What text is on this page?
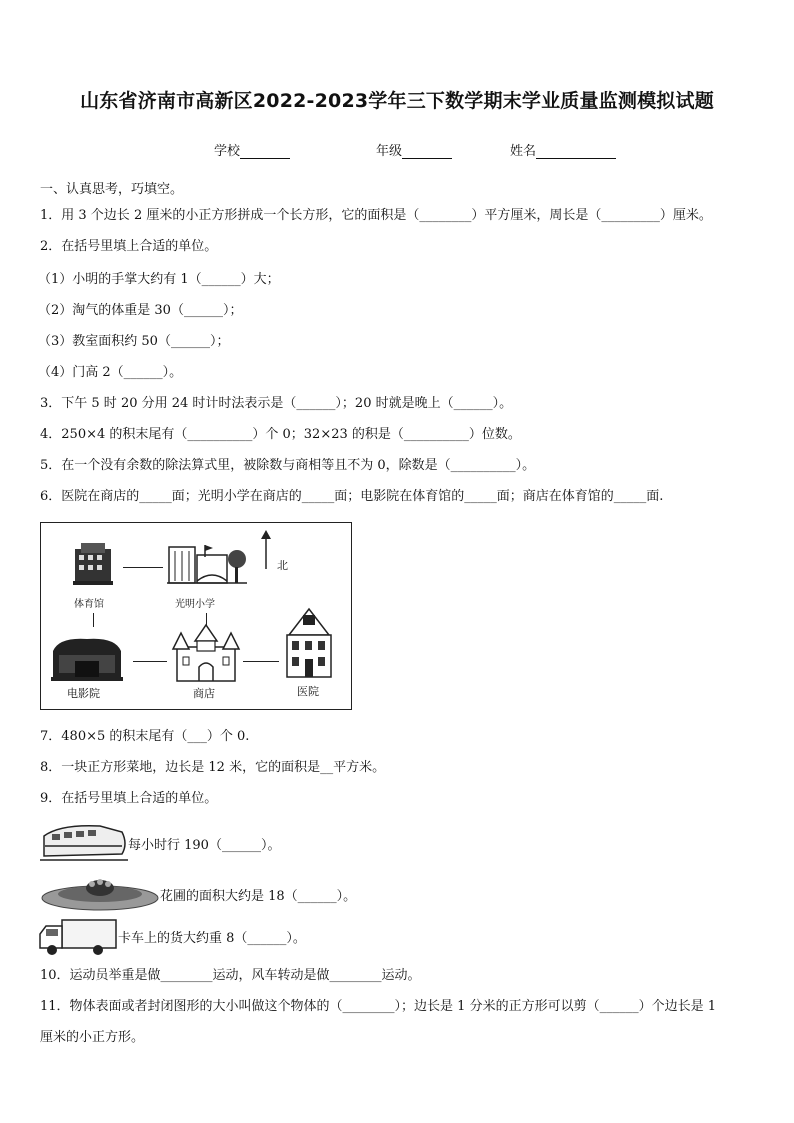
山东省济南市高新区2022-2023学年三下数学期末学业质量监测模拟试题
学校	年级	姓名
一、认真思考，巧填空。
1．用 3 个边长 2 厘米的小正方形拼成一个长方形，它的面积是（________）平方厘米，周长是（_________）厘米。
2．在括号里填上合适的单位。
（1）小明的手掌大约有 1（______）大；
（2）淘气的体重是 30（______）；
（3）教室面积约 50（______）；
（4）门高 2（______）。
3．下午 5 时 20 分用 24 时计时法表示是（______）；20 时就是晚上（______）。
4．250×4 的积末尾有（__________）个 0；32×23 的积是（__________）位数。
5．在一个没有余数的除法算式里，被除数与商相等且不为 0，除数是（__________）。
6．医院在商店的_____面；光明小学在商店的_____面；电影院在体育馆的_____面；商店在体育馆的_____面.
体育馆	光明小学
北
电影院	商店	医院
7．480×5 的积末尾有（___）个 0.
8．一块正方形菜地，边长是 12 米，它的面积是__平方米。
9．在括号里填上合适的单位。
每小时行 190（______）。
花圃的面积大约是 18（______）。
卡车上的货大约重 8（______）。
10．运动员举重是做________运动，风车转动是做________运动。
11．物体表面或者封闭图形的大小叫做这个物体的（________）；边长是 1 分米的正方形可以剪（______）个边长是 1
厘米的小正方形。
